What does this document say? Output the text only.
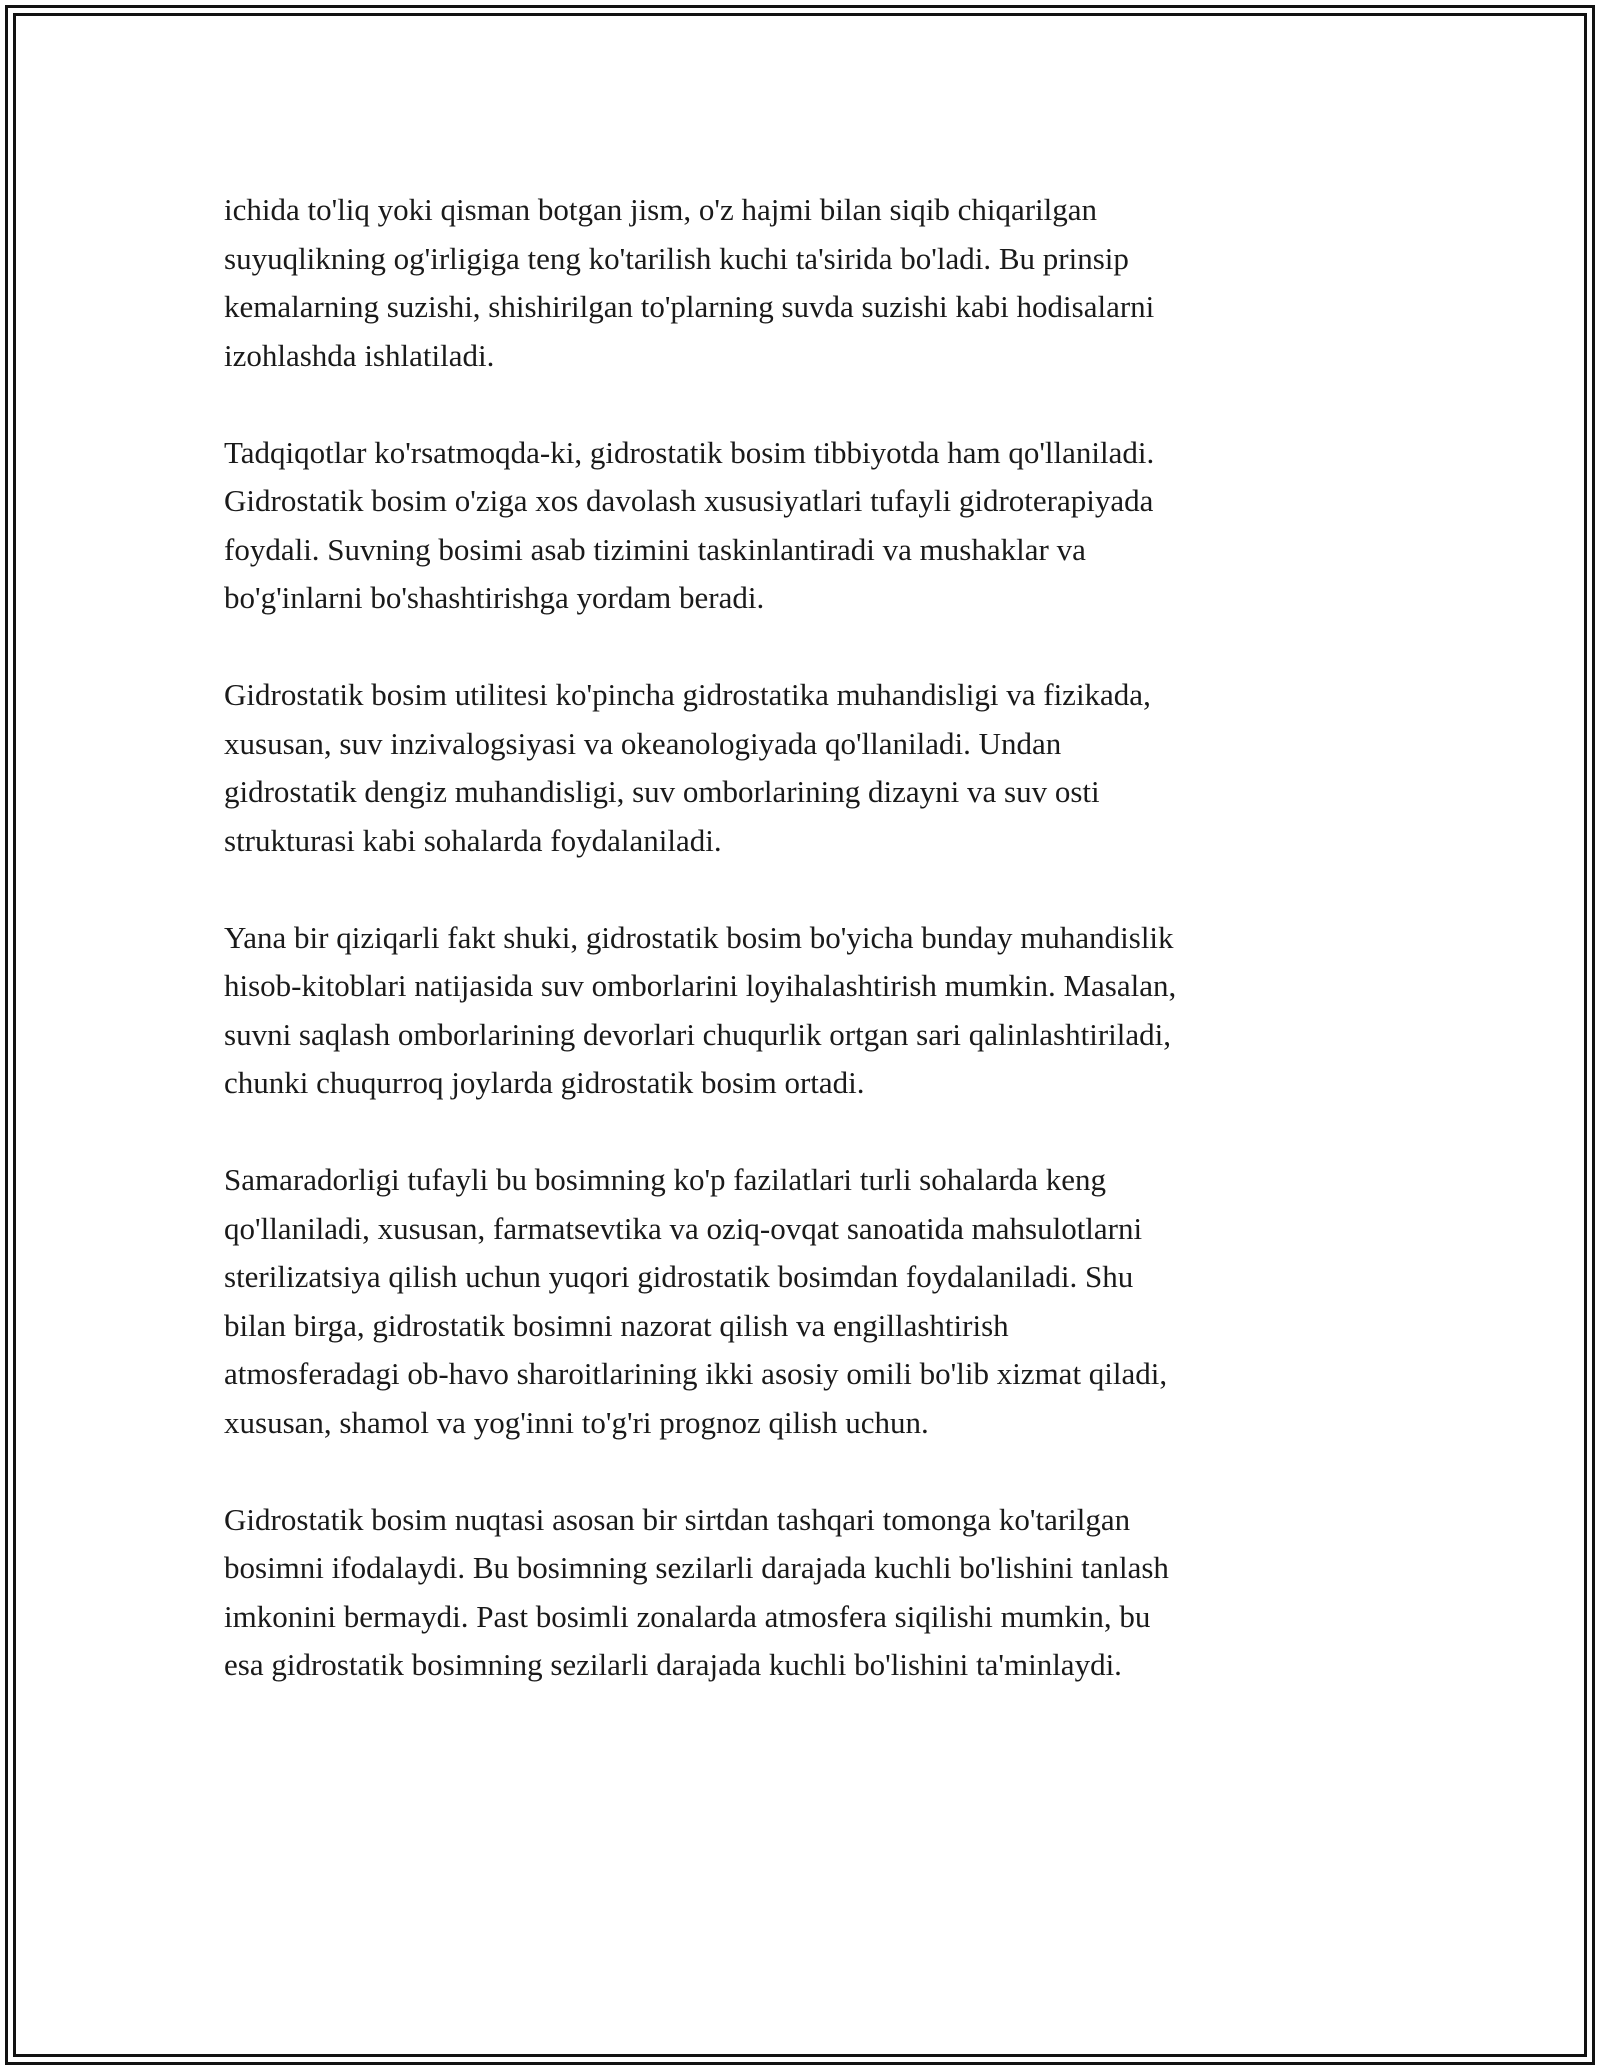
ichida to'liq yoki qisman botgan jism, o'z hajmi bilan siqib chiqarilgan
suyuqlikning og'irligiga teng ko'tarilish kuchi ta'sirida bo'ladi. Bu prinsip
kemalarning suzishi, shishirilgan to'plarning suvda suzishi kabi hodisalarni
izohlashda ishlatiladi.

Tadqiqotlar ko'rsatmoqda-ki, gidrostatik bosim tibbiyotda ham qo'llaniladi.
Gidrostatik bosim o'ziga xos davolash xususiyatlari tufayli gidroterapiyada
foydali. Suvning bosimi asab tizimini taskinlantiradi va mushaklar va
bo'g'inlarni bo'shashtirishga yordam beradi.

Gidrostatik bosim utilitesi ko'pincha gidrostatika muhandisligi va fizikada,
xususan, suv inzivalogsiyasi va okeanologiyada qo'llaniladi. Undan
gidrostatik dengiz muhandisligi, suv omborlarining dizayni va suv osti
strukturasi kabi sohalarda foydalaniladi.

Yana bir qiziqarli fakt shuki, gidrostatik bosim bo'yicha bunday muhandislik
hisob-kitoblari natijasida suv omborlarini loyihalashtirish mumkin. Masalan,
suvni saqlash omborlarining devorlari chuqurlik ortgan sari qalinlashtiriladi,
chunki chuqurroq joylarda gidrostatik bosim ortadi.

Samaradorligi tufayli bu bosimning ko'p fazilatlari turli sohalarda keng
qo'llaniladi, xususan, farmatsevtika va oziq-ovqat sanoatida mahsulotlarni
sterilizatsiya qilish uchun yuqori gidrostatik bosimdan foydalaniladi. Shu
bilan birga, gidrostatik bosimni nazorat qilish va engillashtirish
atmosferadagi ob-havo sharoitlarining ikki asosiy omili bo'lib xizmat qiladi,
xususan, shamol va yog'inni to'g'ri prognoz qilish uchun.

Gidrostatik bosim nuqtasi asosan bir sirtdan tashqari tomonga ko'tarilgan
bosimni ifodalaydi. Bu bosimning sezilarli darajada kuchli bo'lishini tanlash
imkonini bermaydi. Past bosimli zonalarda atmosfera siqilishi mumkin, bu
esa gidrostatik bosimning sezilarli darajada kuchli bo'lishini ta'minlaydi.
